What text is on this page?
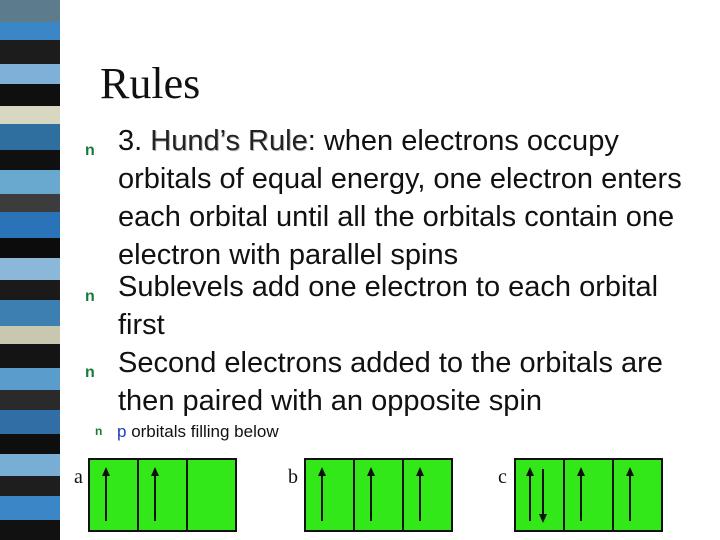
Rules
n 3. Hund’s Rule: when electrons occupy orbitals of equal energy, one electron enters each orbital until all the orbitals contain one electron with parallel spins
n Sublevels add one electron to each orbital first
n Second electrons added to the orbitals are then paired with an opposite spin
n p orbitals filling below
a	b	c
